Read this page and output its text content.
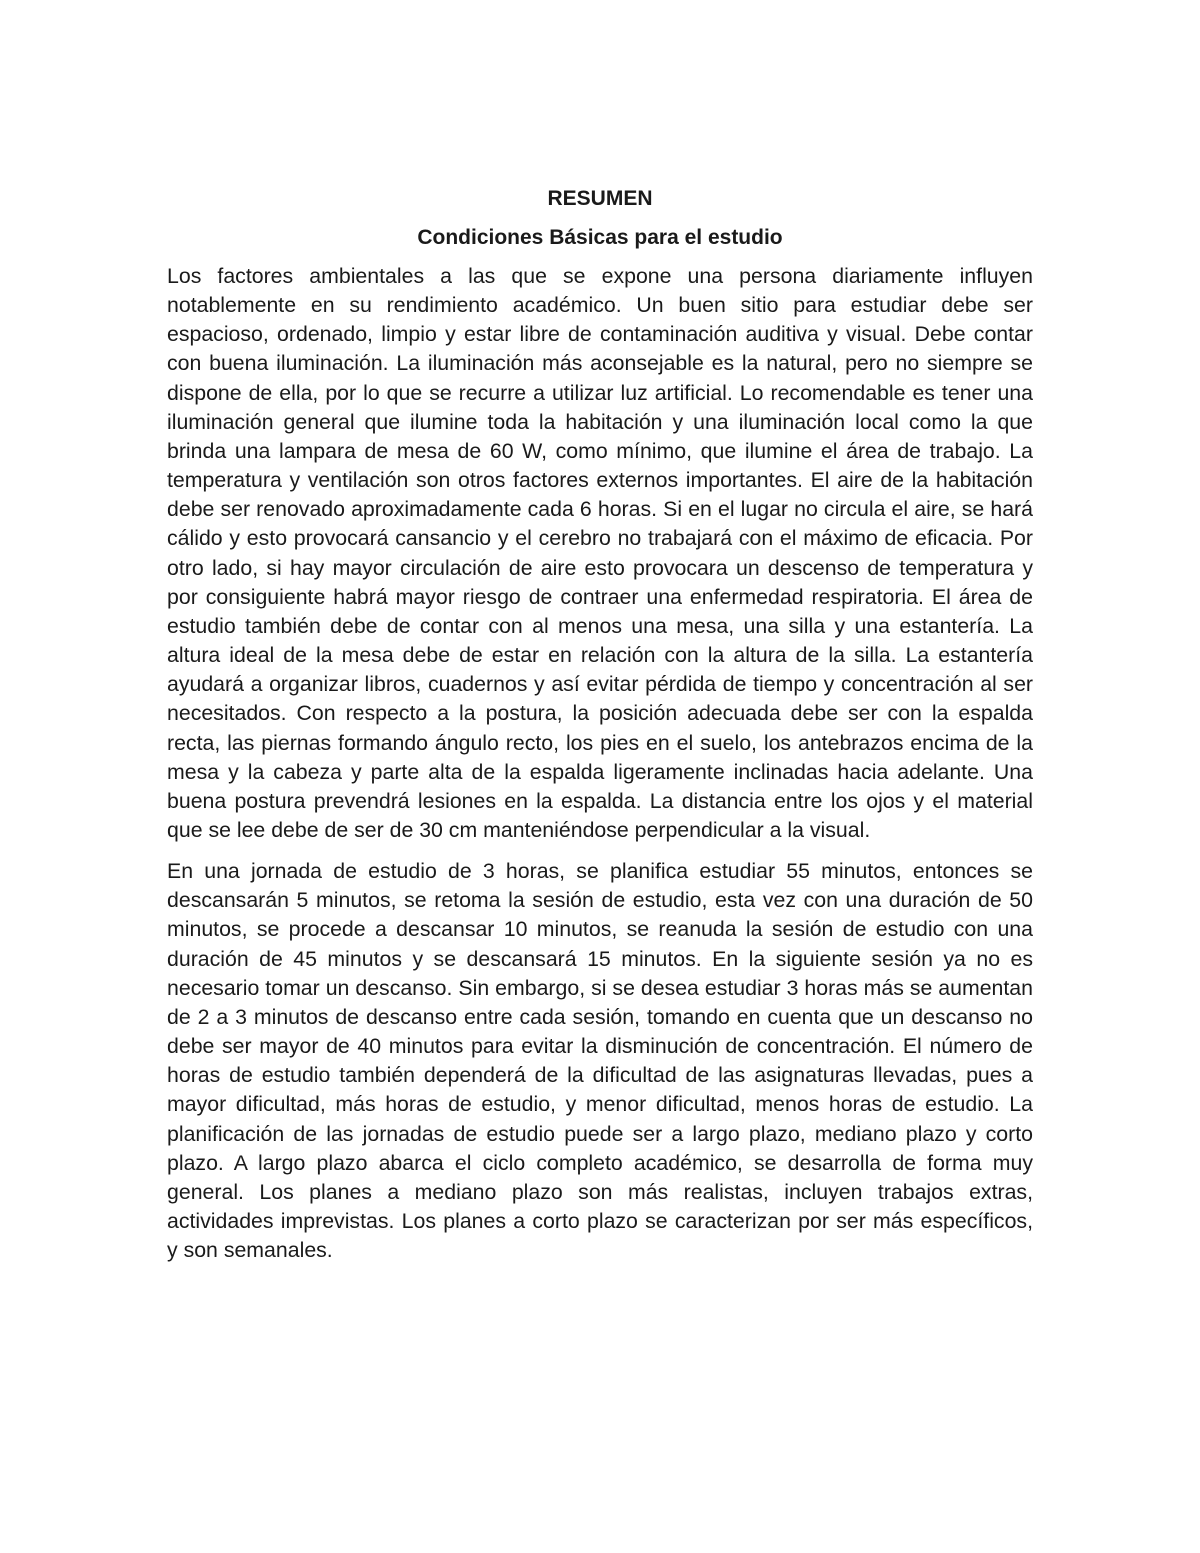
RESUMEN
Condiciones Básicas para el estudio

Los factores ambientales a las que se expone una persona diariamente influyen notablemente en su rendimiento académico. Un buen sitio para estudiar debe ser espacioso, ordenado, limpio y estar libre de contaminación auditiva y visual. Debe contar con buena iluminación. La iluminación más aconsejable es la natural, pero no siempre se dispone de ella, por lo que se recurre a utilizar luz artificial. Lo recomendable es tener una iluminación general que ilumine toda la habitación y una iluminación local como la que brinda una lampara de mesa de 60 W, como mínimo, que ilumine el área de trabajo. La temperatura y ventilación son otros factores externos importantes. El aire de la habitación debe ser renovado aproximadamente cada 6 horas. Si en el lugar no circula el aire, se hará cálido y esto provocará cansancio y el cerebro no trabajará con el máximo de eficacia. Por otro lado, si hay mayor circulación de aire esto provocara un descenso de temperatura y por consiguiente habrá mayor riesgo de contraer una enfermedad respiratoria. El área de estudio también debe de contar con al menos una mesa, una silla y una estantería. La altura ideal de la mesa debe de estar en relación con la altura de la silla. La estantería ayudará a organizar libros, cuadernos y así evitar pérdida de tiempo y concentración al ser necesitados. Con respecto a la postura, la posición adecuada debe ser con la espalda recta, las piernas formando ángulo recto, los pies en el suelo, los antebrazos encima de la mesa y la cabeza y parte alta de la espalda ligeramente inclinadas hacia adelante. Una buena postura prevendrá lesiones en la espalda. La distancia entre los ojos y el material que se lee debe de ser de 30 cm manteniéndose perpendicular a la visual.

En una jornada de estudio de 3 horas, se planifica estudiar 55 minutos, entonces se descansarán 5 minutos, se retoma la sesión de estudio, esta vez con una duración de 50 minutos, se procede a descansar 10 minutos, se reanuda la sesión de estudio con una duración de 45 minutos y se descansará 15 minutos. En la siguiente sesión ya no es necesario tomar un descanso. Sin embargo, si se desea estudiar 3 horas más se aumentan de 2 a 3 minutos de descanso entre cada sesión, tomando en cuenta que un descanso no debe ser mayor de 40 minutos para evitar la disminución de concentración. El número de horas de estudio también dependerá de la dificultad de las asignaturas llevadas, pues a mayor dificultad, más horas de estudio, y menor dificultad, menos horas de estudio. La planificación de las jornadas de estudio puede ser a largo plazo, mediano plazo y corto plazo. A largo plazo abarca el ciclo completo académico, se desarrolla de forma muy general. Los planes a mediano plazo son más realistas, incluyen trabajos extras, actividades imprevistas. Los planes a corto plazo se caracterizan por ser más específicos, y son semanales.
